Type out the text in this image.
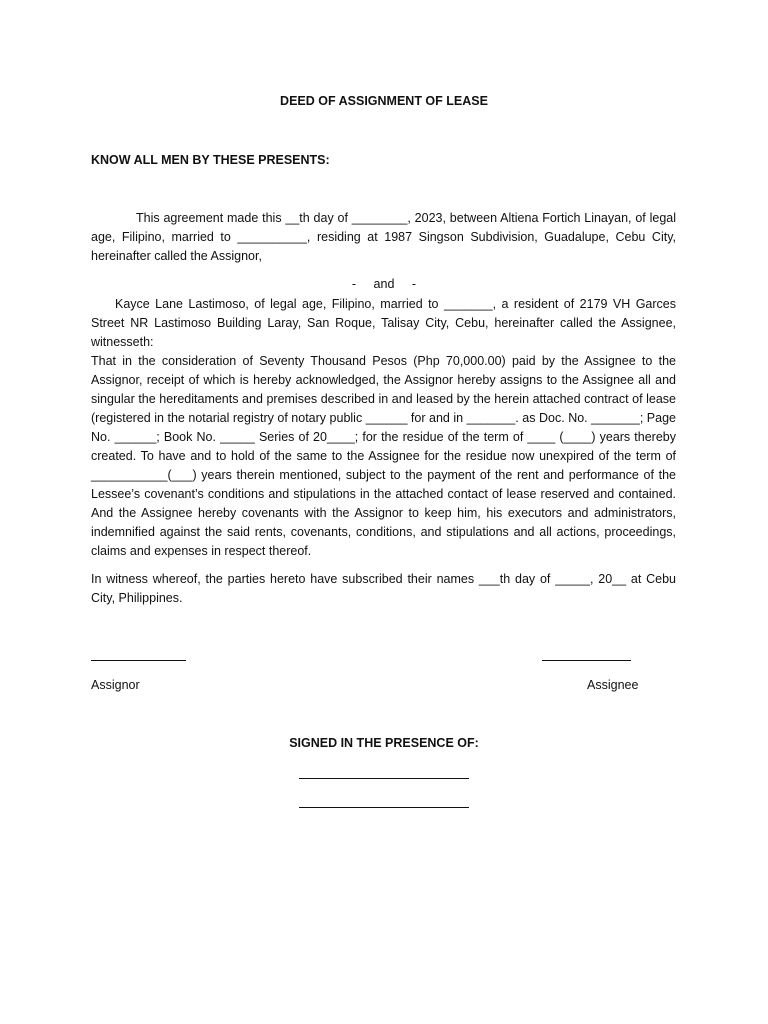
DEED OF ASSIGNMENT OF LEASE
KNOW ALL MEN BY THESE PRESENTS:

This agreement made this __th day of ________, 2023, between Altiena Fortich Linayan, of legal age, Filipino, married to __________, residing at 1987 Singson Subdivision, Guadalupe, Cebu City, hereinafter called the Assignor,

- and -

Kayce Lane Lastimoso, of legal age, Filipino, married to _______, a resident of 2179 VH Garces Street NR Lastimoso Building Laray, San Roque, Talisay City, Cebu, hereinafter called the Assignee, witnesseth:

That in the consideration of Seventy Thousand Pesos (Php 70,000.00) paid by the Assignee to the Assignor, receipt of which is hereby acknowledged, the Assignor hereby assigns to the Assignee all and singular the hereditaments and premises described in and leased by the herein attached contract of lease (registered in the notarial registry of notary public ______ for and in _______. as Doc. No. _______; Page No. ______; Book No. _____ Series of 20____; for the residue of the term of ____ (____) years thereby created. To have and to hold of the same to the Assignee for the residue now unexpired of the term of ___________(___) years therein mentioned, subject to the payment of the rent and performance of the Lessee’s covenant’s conditions and stipulations in the attached contact of lease reserved and contained. And the Assignee hereby covenants with the Assignor to keep him, his executors and administrators, indemnified against the said rents, covenants, conditions, and stipulations and all actions, proceedings, claims and expenses in respect thereof.

In witness whereof, the parties hereto have subscribed their names ___th day of _____, 20__ at Cebu City, Philippines.

Assignor	Assignee
SIGNED IN THE PRESENCE OF:
